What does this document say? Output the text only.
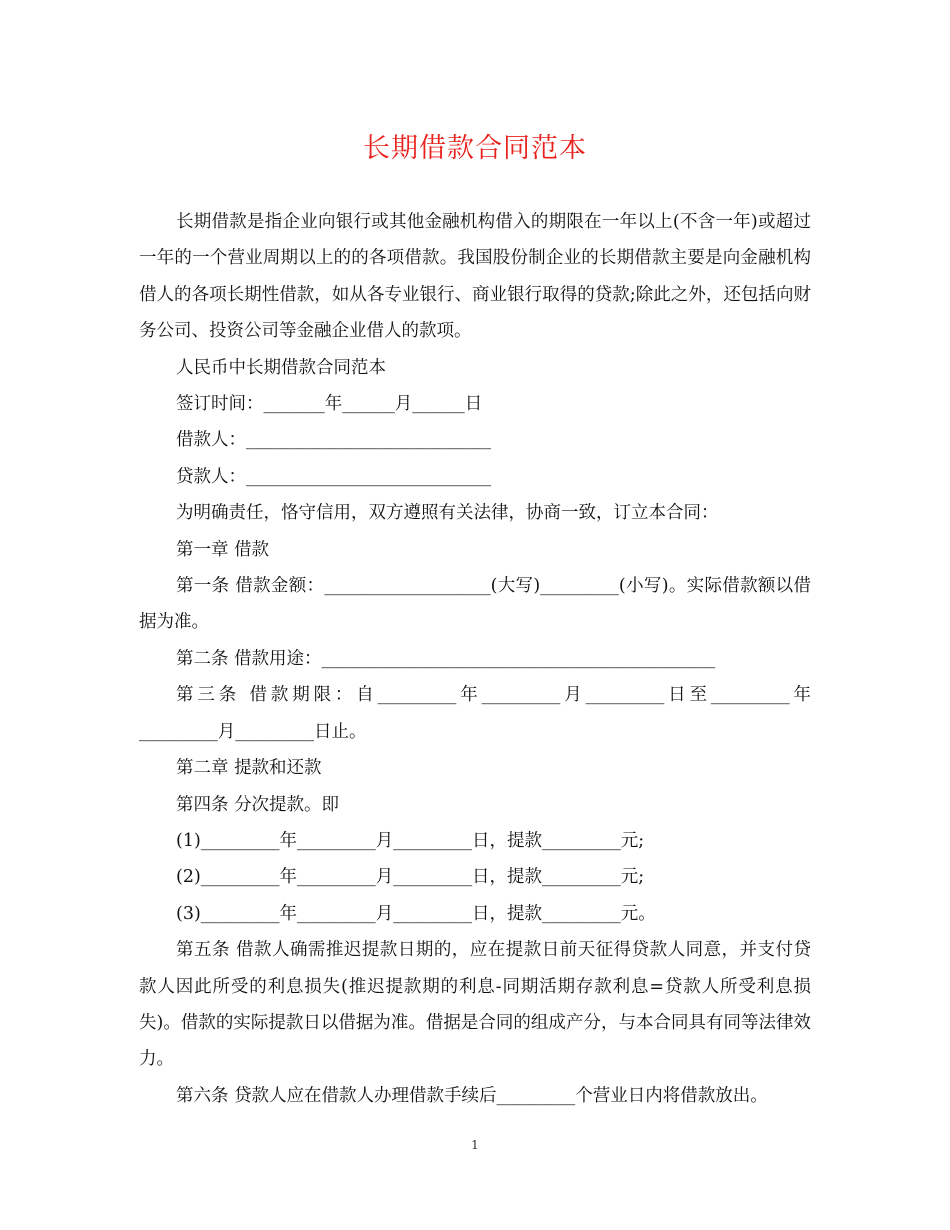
长期借款合同范本

长期借款是指企业向银行或其他金融机构借入的期限在一年以上(不含一年)或超过一年的一个营业周期以上的的各项借款。我国股份制企业的长期借款主要是向金融机构借人的各项长期性借款，如从各专业银行、商业银行取得的贷款;除此之外，还包括向财务公司、投资公司等金融企业借人的款项。

人民币中长期借款合同范本

签订时间：_______年______月______日

借款人：____________________________

贷款人：____________________________

为明确责任，恪守信用，双方遵照有关法律，协商一致，订立本合同：

第一章 借款

第一条 借款金额：___________________(大写)_________(小写)。实际借款额以借据为准。

第二条 借款用途：_____________________________________________

第三条 借款期限：自_________年_________月_________日至_________年_________月_________日止。

第二章 提款和还款

第四条 分次提款。即

(1)_________年_________月_________日，提款_________元;

(2)_________年_________月_________日，提款_________元;

(3)_________年_________月_________日，提款_________元。

第五条 借款人确需推迟提款日期的，应在提款日前天征得贷款人同意，并支付贷款人因此所受的利息损失(推迟提款期的利息-同期活期存款利息=贷款人所受利息损失)。借款的实际提款日以借据为准。借据是合同的组成产分，与本合同具有同等法律效力。

第六条 贷款人应在借款人办理借款手续后_________个营业日内将借款放出。

1
